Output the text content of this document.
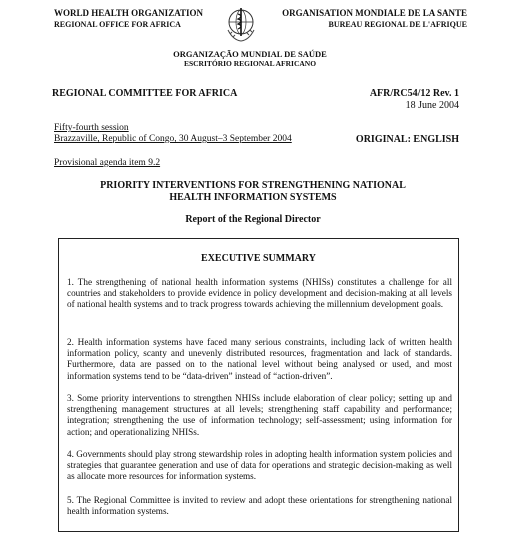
WORLD HEALTH ORGANIZATION
REGIONAL OFFICE FOR AFRICA
ORGANISATION MONDIALE DE LA SANTE
BUREAU REGIONAL DE L'AFRIQUE
ORGANIZAÇÃO MUNDIAL DE SAÚDE
ESCRITÓRIO REGIONAL AFRICANO
REGIONAL COMMITTEE FOR AFRICA	AFR/RC54/12 Rev. 1
18 June 2004
Fifty-fourth session
Brazzaville, Republic of Congo, 30 August–3 September 2004	ORIGINAL: ENGLISH
Provisional agenda item 9.2
PRIORITY INTERVENTIONS FOR STRENGTHENING NATIONAL
HEALTH INFORMATION SYSTEMS
Report of the Regional Director
EXECUTIVE SUMMARY
1. The strengthening of national health information systems (NHISs) constitutes a challenge for all countries and stakeholders to provide evidence in policy development and decision-making at all levels of national health systems and to track progress towards achieving the millennium development goals.
2. Health information systems have faced many serious constraints, including lack of written health information policy, scanty and unevenly distributed resources, fragmentation and lack of standards. Furthermore, data are passed on to the national level without being analysed or used, and most information systems tend to be “data-driven” instead of “action-driven”.
3. Some priority interventions to strengthen NHISs include elaboration of clear policy; setting up and strengthening management structures at all levels; strengthening staff capability and performance; integration; strengthening the use of information technology; self-assessment; using information for action; and operationalizing NHISs.
4. Governments should play strong stewardship roles in adopting health information system policies and strategies that guarantee generation and use of data for operations and strategic decision-making as well as allocate more resources for information systems.
5. The Regional Committee is invited to review and adopt these orientations for strengthening national health information systems.
